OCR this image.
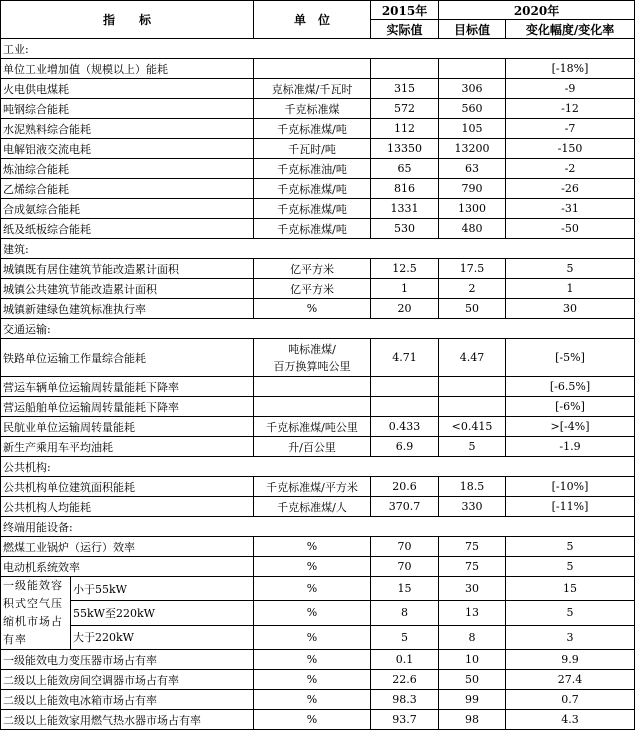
指　　标		单　位	2015年	2020年	
			实际值	目标值	变化幅度/变化率
工业:					
单位工业增加值（规模以上）能耗					[-18%]
火电供电煤耗		克标准煤/千瓦时	315	306	-9
吨钢综合能耗		千克标准煤	572	560	-12
水泥熟料综合能耗		千克标准煤/吨	112	105	-7
电解铝液交流电耗		千瓦时/吨	13350	13200	-150
炼油综合能耗		千克标准油/吨	65	63	-2
乙烯综合能耗		千克标准煤/吨	816	790	-26
合成氨综合能耗		千克标准煤/吨	1331	1300	-31
纸及纸板综合能耗		千克标准煤/吨	530	480	-50
建筑:					
城镇既有居住建筑节能改造累计面积		亿平方米	12.5	17.5	5
城镇公共建筑节能改造累计面积		亿平方米	1	2	1
城镇新建绿色建筑标准执行率		%	20	50	30
交通运输:					
铁路单位运输工作量综合能耗		吨标准煤/
百万换算吨公里	4.71	4.47	[-5%]
营运车辆单位运输周转量能耗下降率					[-6.5%]
营运船舶单位运输周转量能耗下降率					[-6%]
民航业单位运输周转量能耗		千克标准煤/吨公里	0.433	<0.415	>[-4%]
新生产乘用车平均油耗		升/百公里	6.9	5	-1.9
公共机构:					
公共机构单位建筑面积能耗		千克标准煤/平方米	20.6	18.5	[-10%]
公共机构人均能耗		千克标准煤/人	370.7	330	[-11%]
终端用能设备:					
燃煤工业锅炉（运行）效率		%	70	75	5
电动机系统效率		%	70	75	5
一级能效容积式空气压缩机市场占有率	小于55kW	%	15	30	15
	55kW至220kW	%	8	13	5
	大于220kW	%	5	8	3
一级能效电力变压器市场占有率		%	0.1	10	9.9
二级以上能效房间空调器市场占有率		%	22.6	50	27.4
二级以上能效电冰箱市场占有率		%	98.3	99	0.7
二级以上能效家用燃气热水器市场占有率		%	93.7	98	4.3
